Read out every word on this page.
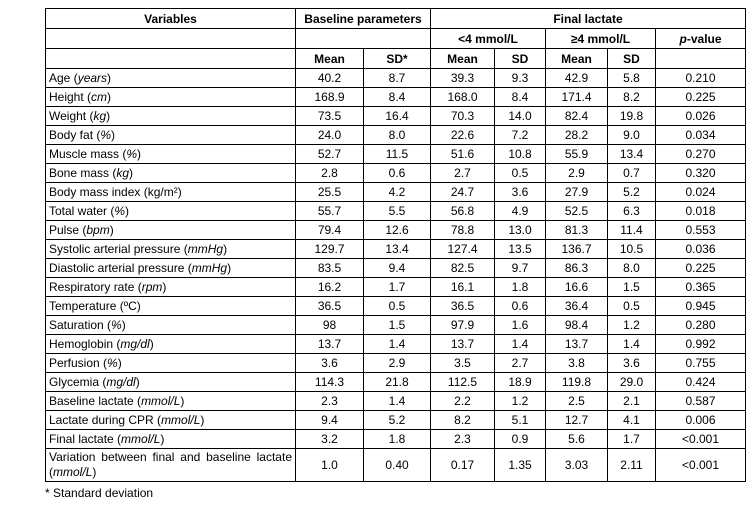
Variables	Baseline parameters		Final lactate				
			<4 mmol/L		≥4 mmol/L		p-value
	Mean	SD*	Mean	SD	Mean	SD	
Age (years)	40.2	8.7	39.3	9.3	42.9	5.8	0.210
Height (cm)	168.9	8.4	168.0	8.4	171.4	8.2	0.225
Weight (kg)	73.5	16.4	70.3	14.0	82.4	19.8	0.026
Body fat (%)	24.0	8.0	22.6	7.2	28.2	9.0	0.034
Muscle mass (%)	52.7	11.5	51.6	10.8	55.9	13.4	0.270
Bone mass (kg)	2.8	0.6	2.7	0.5	2.9	0.7	0.320
Body mass index (kg/m²)	25.5	4.2	24.7	3.6	27.9	5.2	0.024
Total water (%)	55.7	5.5	56.8	4.9	52.5	6.3	0.018
Pulse (bpm)	79.4	12.6	78.8	13.0	81.3	11.4	0.553
Systolic arterial pressure (mmHg)	129.7	13.4	127.4	13.5	136.7	10.5	0.036
Diastolic arterial pressure (mmHg)	83.5	9.4	82.5	9.7	86.3	8.0	0.225
Respiratory rate (rpm)	16.2	1.7	16.1	1.8	16.6	1.5	0.365
Temperature (ºC)	36.5	0.5	36.5	0.6	36.4	0.5	0.945
Saturation (%)	98	1.5	97.9	1.6	98.4	1.2	0.280
Hemoglobin (mg/dl)	13.7	1.4	13.7	1.4	13.7	1.4	0.992
Perfusion (%)	3.6	2.9	3.5	2.7	3.8	3.6	0.755
Glycemia (mg/dl)	114.3	21.8	112.5	18.9	119.8	29.0	0.424
Baseline lactate (mmol/L)	2.3	1.4	2.2	1.2	2.5	2.1	0.587
Lactate during CPR (mmol/L)	9.4	5.2	8.2	5.1	12.7	4.1	0.006
Final lactate (mmol/L)	3.2	1.8	2.3	0.9	5.6	1.7	<0.001
Variation between final and baseline lactate (mmol/L)	1.0	0.40	0.17	1.35	3.03	2.11	<0.001
* Standard deviation
